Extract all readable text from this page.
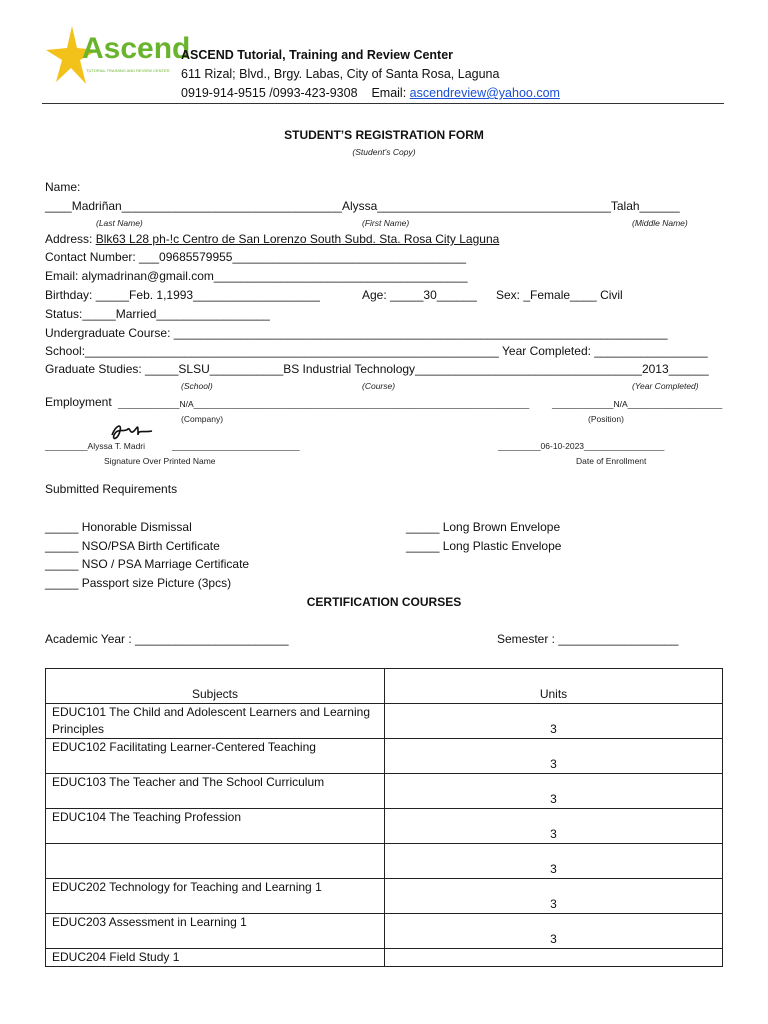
Ascend
TUTORIAL TRAINING AND REVIEW CENTER
ASCEND Tutorial, Training and Review Center
611 Rizal; Blvd., Brgy. Labas, City of Santa Rosa, Laguna
0919-914-9515 /0993-423-9308 Email: ascendreview@yahoo.com
STUDENT’S REGISTRATION FORM
(Student’s Copy)
Name:
____Madriñan_________________________________Alyssa___________________________________Talah______
(Last Name)	(First Name)	(Middle Name)
Address: Blk63 L28 ph-!c Centro de San Lorenzo South Subd. Sta. Rosa City Laguna
Contact Number: ___09685579955___________________________________
Email: alymadrinan@gmail.com______________________________________
Birthday: _____Feb. 1,1993___________________	Age: _____30______ Sex: _Female____ Civil
Status:_____Married_________________
Undergraduate Course: __________________________________________________________________________
School:______________________________________________________________ Year Completed: _________________
Graduate Studies: _____SLSU___________BS Industrial Technology__________________________________2013______
(School)	(Course)	(Year Completed)
Employment _____________N/A_______________________________________________________________________	_____________N/A____________________
(Company)	(Position)
_________Alyssa T. Madri	___________________________
Signature Over Printed Name
_________06-10-2023_________________
Date of Enrollment
Submitted Requirements
_____ Honorable Dismissal
_____ NSO/PSA Birth Certificate
_____ NSO / PSA Marriage Certificate
_____ Passport size Picture (3pcs)
_____ Long Brown Envelope
_____ Long Plastic Envelope
CERTIFICATION COURSES
Academic Year : _______________________	Semester : __________________
Subjects	Units
EDUC101 The Child and Adolescent Learners and Learning Principles	3
EDUC102 Facilitating Learner-Centered Teaching	3
EDUC103 The Teacher and The School Curriculum	3
EDUC104 The Teaching Profession	3
	3
EDUC202 Technology for Teaching and Learning 1	3
EDUC203 Assessment in Learning 1	3
EDUC204 Field Study 1	
